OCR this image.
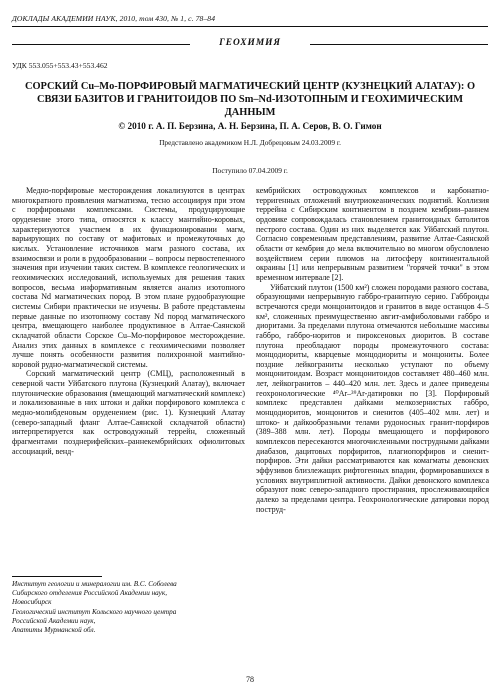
ДОКЛАДЫ АКАДЕМИИ НАУК, 2010, том 430, № 1, с. 78–84
ГЕОХИМИЯ
УДК 553.055+553.43+553.462
СОРСКИЙ Cu–Mo-ПОРФИРОВЫЙ МАГМАТИЧЕСКИЙ ЦЕНТР (КУЗНЕЦКИЙ АЛАТАУ): О СВЯЗИ БАЗИТОВ И ГРАНИТОИДОВ ПО Sm–Nd-ИЗОТОПНЫМ И ГЕОХИМИЧЕСКИМ ДАННЫМ
© 2010 г. А. П. Берзина, А. Н. Берзина, П. А. Серов, В. О. Гимон
Представлено академиком Н.Л. Добрецовым 24.03.2009 г.
Поступило 07.04.2009 г.

Медно-порфировые месторождения локализуются в центрах многократного проявления магматизма, тесно ассоциируя при этом с порфировыми комплексами. Системы, продуцирующие оруденение этого типа, относятся к классу мантийно-коровых, характеризуются участием в их функционировании магм, варьирующих по составу от мафитовых и промежуточных до кислых. Установление источников магм разного состава, их взаимосвязи и роли в рудообразовании – вопросы первостепенного значения при изучении таких систем. В комплексе геологических и геохимических исследований, используемых для решения таких вопросов, весьма информативным является анализ изотопного состава Nd магматических пород. В этом плане рудообразующие системы Сибири практически не изучены. В работе представлены первые данные по изотопному составу Nd пород магматического центра, вмещающего наиболее продуктивное в Алтае-Саянской складчатой области Сорское Cu–Mo-порфировое месторождение. Анализ этих данных в комплексе с геохимическими позволяет лучше понять особенности развития полихронной мантийно-коровой рудно-магматической системы.

Сорский магматический центр (СМЦ), расположенный в северной части Уйбатского плутона (Кузнецкий Алатау), включает плутонические образования (вмещающий магматический комплекс) и локализованные в них штоки и дайки порфирового комплекса с медно-молибденовым оруденением (рис. 1). Кузнецкий Алатау (северо-западный фланг Алтае-Саянской складчатой области) интерпретируется как островодужный террейн, сложенный фрагментами позднерифейских–раннекембрийских офиолитовых ассоциаций, венд-

кембрийских островодужных комплексов и карбонатно-терригенных отложений внутриокеанических поднятий. Коллизия террейна с Сибирским континентом в позднем кембрии–раннем ордовике сопровождалась становлением гранитоидных батолитов пестрого состава. Один из них выделяется как Уйбатский плутон. Согласно современным представлениям, развитие Алтае-Саянской области от кембрия до мела включительно во многом обусловлено воздействием серии плюмов на литосферу континентальной окраины [1] или непрерывным развитием "горячей точки" в этом временном интервале [2].

Уйбатский плутон (1500 км²) сложен породами разного состава, образующими непрерывную габбро-гранитную серию. Габброиды встречаются среди монцонитоидов и гранитов в виде останцов 4–5 км², сложенных преимущественно авгит-амфиболовыми габбро и диоритами. За пределами плутона отмечаются небольшие массивы габбро, габбро-норитов и пироксеновых диоритов. В составе плутона преобладают породы промежуточного состава: монцодиориты, кварцевые монцодиориты и монцониты. Более поздние лейкограниты несколько уступают по объему монцонитоидам. Возраст монцонитоидов составляет 480–460 млн. лет, лейкогранитов – 440–420 млн. лет. Здесь и далее приведены геохронологические ⁴⁰Ar–³⁹Ar-датировки по [3]. Порфировый комплекс представлен дайками мелкозернистых габбро, монцодиоритов, монцонитов и сиенитов (405–402 млн. лет) и штоко- и дайкообразными телами рудоносных гранит-порфиров (389–388 млн. лет). Породы вмещающего и порфирового комплексов пересекаются многочисленными пострудными дайками диабазов, дацитовых порфиритов, плагиопорфиров и сиенит-порфиров. Эти дайки рассматриваются как комагматы девонских эффузивов близлежащих рифтогенных впадин, формировавшихся в условиях внутриплитной активности. Дайки девонского комплекса образуют пояс северо-западного простирания, прослеживающийся далеко за пределами центра. Геохронологические датировки пород поструд-

Институт геологии и минералогии им. В.С. Соболева
Сибирского отделения Российской Академии наук,
Новосибирск
Геологический институт Кольского научного центра
Российской Академии наук,
Апатиты Мурманской обл.
78
